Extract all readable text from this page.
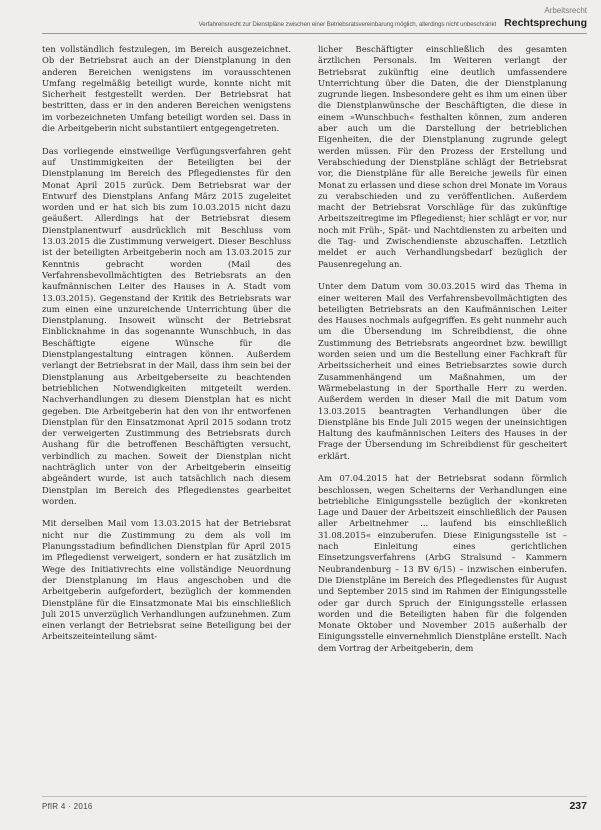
Arbeitsrecht
Verfahrensrecht zur Dienstpläne zwischen einer Betriebsratsvereinbarung möglich, allerdings nicht unbeschränkt Rechtsprechung

ten vollständlich festzulegen, im Bereich ausgezeichnet. Ob der Betriebsrat auch an der Dienstplanung in den anderen Bereichen wenigstens im vorausschtenen Umfang regelmäßig beteiligt wurde, konnte nicht mit Sicherheit festgestellt werden. Der Betriebsrat hat bestritten, dass er in den anderen Bereichen wenigstens im vorbezeichneten Umfang beteiligt worden sei. Dass in die Arbeitgeberin nicht substantiiert entgegengetreten.

Das vorliegende einstweilige Verfügungsverfahren geht auf Unstimmigkeiten der Beteiligten bei der Dienstplanung im Bereich des Pflegedienstes für den Monat April 2015 zurück. Dem Betriebsrat war der Entwurf des Dienstplans Anfang März 2015 zugeleitet worden und er hat sich bis zum 10.03.2015 nicht dazu geäußert. Allerdings hat der Betriebsrat diesem Dienstplanentwurf ausdrücklich mit Beschluss vom 13.03.2015 die Zustimmung verweigert. Dieser Beschluss ist der beteiligten Arbeitgeberin noch am 13.03.2015 zur Kenntnis gebracht worden (Mail des Verfahrensbevollmächtigten des Betriebsrats an den kaufmännischen Leiter des Hauses in A. Stadt vom 13.03.2015). Gegenstand der Kritik des Betriebsrats war zum einen eine unzureichende Unterrichtung über die Dienstplanung. Insoweit wünscht der Betriebsrat Einblicknahme in das sogenannte Wunschbuch, in das Beschäftigte eigene Wünsche für die Dienstplangestaltung eintragen können. Außerdem verlangt der Betriebsrat in der Mail, dass ihm sein bei der Dienstplanung aus Arbeitgeberseite zu beachtenden betrieblichen Notwendigkeiten mitgeteilt werden. Nachverhandlungen zu diesem Dienstplan hat es nicht gegeben. Die Arbeitgeberin hat den von ihr entworfenen Dienstplan für den Einsatzmonat April 2015 sodann trotz der verweigerten Zustimmung des Betriebsrats durch Aushang für die betroffenen Beschäftigten versucht, verbindlich zu machen. Soweit der Dienstplan nicht nachträglich unter von der Arbeitgeberin einseitig abgeändert wurde, ist auch tatsächlich nach diesem Dienstplan im Bereich des Pflegedienstes gearbeitet worden.

Mit derselben Mail vom 13.03.2015 hat der Betriebsrat nicht nur die Zustimmung zu dem als voll im Planungsstadium befindlichen Dienstplan für April 2015 im Pflegedienst verweigert, sondern er hat zusätzlich im Wege des Initiativrechts eine vollständige Neuordnung der Dienstplanung im Haus angeschoben und die Arbeitgeberin aufgefordert, bezüglich der kommenden Dienstpläne für die Einsatzmonate Mai bis einschließlich Juli 2015 unverzüglich Verhandlungen aufzunehmen. Zum einen verlangt der Betriebsrat seine Beteiligung bei der Arbeitszeiteinteilung sämt-

licher Beschäftigter einschließlich des gesamten ärztlichen Personals. Im Weiteren verlangt der Betriebsrat zukünftig eine deutlich umfassendere Unterrichtung über die Daten, die der Dienstplanung zugrunde liegen. Insbesondere geht es ihm um einen über die Dienstplanwünsche der Beschäftigten, die diese in einem »Wunschbuch« festhalten können, zum anderen aber auch um die Darstellung der betrieblichen Eigenheiten, die der Dienstplanung zugrunde gelegt werden müssen. Für den Prozess der Erstellung und Verabschiedung der Dienstpläne schlägt der Betriebsrat vor, die Dienstpläne für alle Bereiche jeweils für einen Monat zu erlassen und diese schon drei Monate im Voraus zu verabschieden und zu veröffentlichen. Außerdem macht der Betriebsrat Vorschläge für das zukünftige Arbeitszeitregime im Pflegedienst; hier schlägt er vor, nur noch mit Früh-, Spät- und Nachtdiensten zu arbeiten und die Tag- und Zwischendienste abzuschaffen. Letztlich meldet er auch Verhandlungsbedarf bezüglich der Pausenregelung an.

Unter dem Datum vom 30.03.2015 wird das Thema in einer weiteren Mail des Verfahrensbevollmächtigten des beteiligten Betriebsrats an den Kaufmännischen Leiter des Hauses nochmals aufgegriffen. Es geht nunmehr auch um die Übersendung im Schreibdienst, die ohne Zustimmung des Betriebsrats angeordnet bzw. bewilligt worden seien und um die Bestellung einer Fachkraft für Arbeitssicherheit und eines Betriebsarztes sowie durch Zusammenhängend um Maßnahmen, um der Wärmebelastung in der Sporthalle Herr zu werden. Außerdem werden in dieser Mail die mit Datum vom 13.03.2015 beantragten Verhandlungen über die Dienstpläne bis Ende Juli 2015 wegen der uneinsichtigen Haltung des kaufmännischen Leiters des Hauses in der Frage der Übersendung im Schreibdienst für gescheitert erklärt.

Am 07.04.2015 hat der Betriebsrat sodann förmlich beschlossen, wegen Scheiterns der Verhandlungen eine betriebliche Einigungsstelle bezüglich der »konkreten Lage und Dauer der Arbeitszeit einschließlich der Pausen aller Arbeitnehmer ... laufend bis einschließlich 31.08.2015« einzuberufen. Diese Einigungsstelle ist – nach Einleitung eines gerichtlichen Einsetzungsverfahrens (ArbG Stralsund – Kammern Neubrandenburg – 13 BV 6/15) – inzwischen einberufen. Die Dienstpläne im Bereich des Pflegedienstes für August und September 2015 sind im Rahmen der Einigungsstelle oder gar durch Spruch der Einigungsstelle erlassen worden und die Beteiligten haben für die folgenden Monate Oktober und November 2015 außerhalb der Einigungsstelle einvernehmlich Dienstpläne erstellt. Nach dem Vortrag der Arbeitgeberin, dem

PflR 4 · 2016	237
